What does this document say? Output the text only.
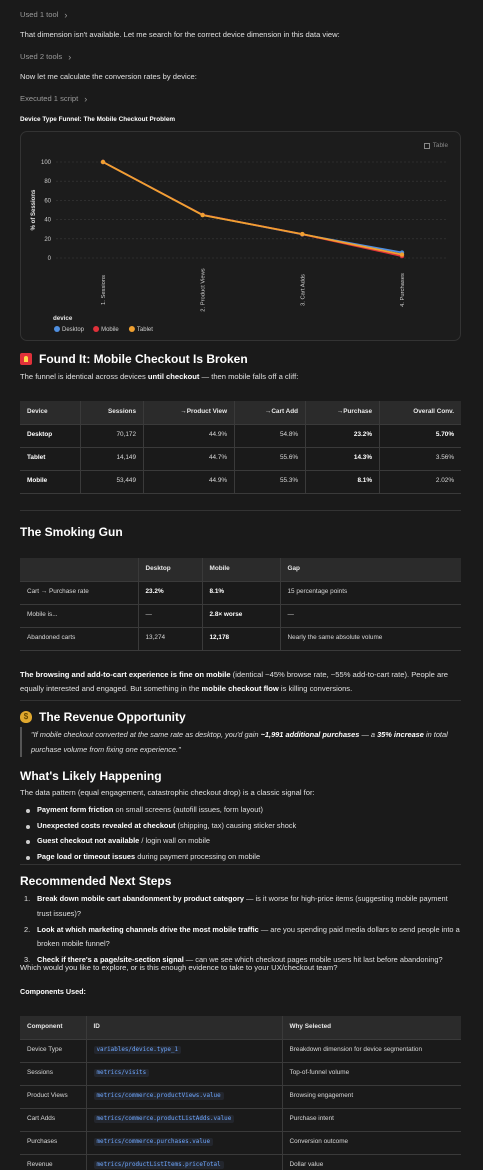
Used 1 tool ›
That dimension isn't available. Let me search for the correct device dimension in this data view:
Used 2 tools ›
Now let me calculate the conversion rates by device:
Executed 1 script ›
Device Type Funnel: The Mobile Checkout Problem
Table
0
20
40
60
80
100
% of Sessions
1. Sessions	2. Product Views	3. Cart Adds	4. Purchases
device
Desktop	Mobile	Tablet
Found It: Mobile Checkout Is Broken
The funnel is identical across devices until checkout — then mobile falls off a cliff:
Device	Sessions	→Product View	→Cart Add	→Purchase	Overall Conv.
Desktop	70,172	44.9%	54.8%	23.2%	5.70%
Tablet	14,149	44.7%	55.6%	14.3%	3.56%
Mobile	53,449	44.9%	55.3%	8.1%	2.02%
The Smoking Gun
	Desktop	Mobile	Gap
Cart → Purchase rate	23.2%	8.1%	15 percentage points
Mobile is...	—	2.8× worse	—
Abandoned carts	13,274	12,178	Nearly the same absolute volume
The browsing and add-to-cart experience is fine on mobile (identical ~45% browse rate, ~55% add-to-cart rate). People are equally interested and engaged. But something in the mobile checkout flow is killing conversions.
$ The Revenue Opportunity
"If mobile checkout converted at the same rate as desktop, you'd gain ~1,991 additional purchases — a 35% increase in total purchase volume from fixing one experience."
What's Likely Happening
The data pattern (equal engagement, catastrophic checkout drop) is a classic signal for:
Payment form friction on small screens (autofill issues, form layout)
Unexpected costs revealed at checkout (shipping, tax) causing sticker shock
Guest checkout not available / login wall on mobile
Page load or timeout issues during payment processing on mobile
Recommended Next Steps
1. Break down mobile cart abandonment by product category — is it worse for high-price items (suggesting mobile payment trust issues)?
2. Look at which marketing channels drive the most mobile traffic — are you spending paid media dollars to send people into a broken mobile funnel?
3. Check if there's a page/site-section signal — can we see which checkout pages mobile users hit last before abandoning?
Which would you like to explore, or is this enough evidence to take to your UX/checkout team?
Components Used:
Component	ID	Why Selected
Device Type	variables/device.type_1	Breakdown dimension for device segmentation
Sessions	metrics/visits	Top-of-funnel volume
Product Views	metrics/commerce.productViews.value	Browsing engagement
Cart Adds	metrics/commerce.productListAdds.value	Purchase intent
Purchases	metrics/commerce.purchases.value	Conversion outcome
Revenue	metrics/productListItems.priceTotal	Dollar value
